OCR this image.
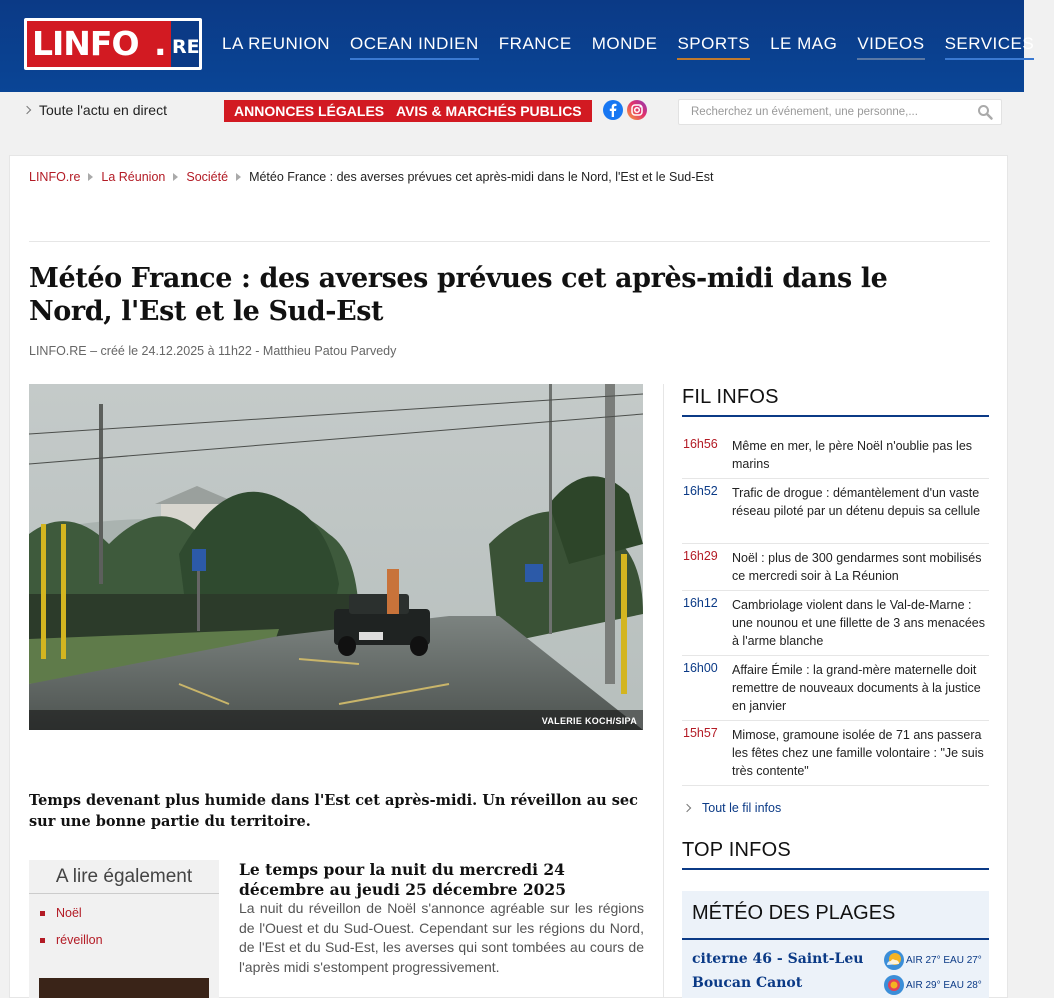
LINFO . RE LA REUNION OCEAN INDIEN FRANCE MONDE SPORTS LE MAG VIDEOS SERVICES
Toute l'actu en direct	ANNONCES LÉGALES AVIS & MARCHÉS PUBLICS	Recherchez un événement, une personne,...
LINFO.re La Réunion Société Météo France : des averses prévues cet après-midi dans le Nord, l'Est et le Sud-Est
Météo France : des averses prévues cet après-midi dans le Nord, l'Est et le Sud-Est
LINFO.RE – créé le 24.12.2025 à 11h22 - Matthieu Patou Parvedy
VALERIE KOCH/SIPA

Temps devenant plus humide dans l'Est cet après-midi. Un réveillon au sec sur une bonne partie du territoire.

A lire également
Noël
réveillon
Le temps pour la nuit du mercredi 24 décembre au jeudi 25 décembre 2025

La nuit du réveillon de Noël s'annonce agréable sur les régions de l'Ouest et du Sud-Ouest. Cependant sur les régions du Nord, de l'Est et du Sud-Est, les averses qui sont tombées au cours de l'après midi s'estompent progressivement.

FIL INFOS
16h56 Même en mer, le père Noël n'oublie pas les marins
16h52 Trafic de drogue : démantèlement d'un vaste réseau piloté par un détenu depuis sa cellule
16h29 Noël : plus de 300 gendarmes sont mobilisés ce mercredi soir à La Réunion
16h12 Cambriolage violent dans le Val-de-Marne : une nounou et une fillette de 3 ans menacées à l'arme blanche
16h00 Affaire Émile : la grand-mère maternelle doit remettre de nouveaux documents à la justice en janvier
15h57 Mimose, gramoune isolée de 71 ans passera les fêtes chez une famille volontaire : "Je suis très contente"
Tout le fil infos
TOP INFOS
MÉTÉO DES PLAGES
citerne 46 - Saint-Leu	AIR 27° EAU 27°
Boucan Canot	AIR 29° EAU 28°
